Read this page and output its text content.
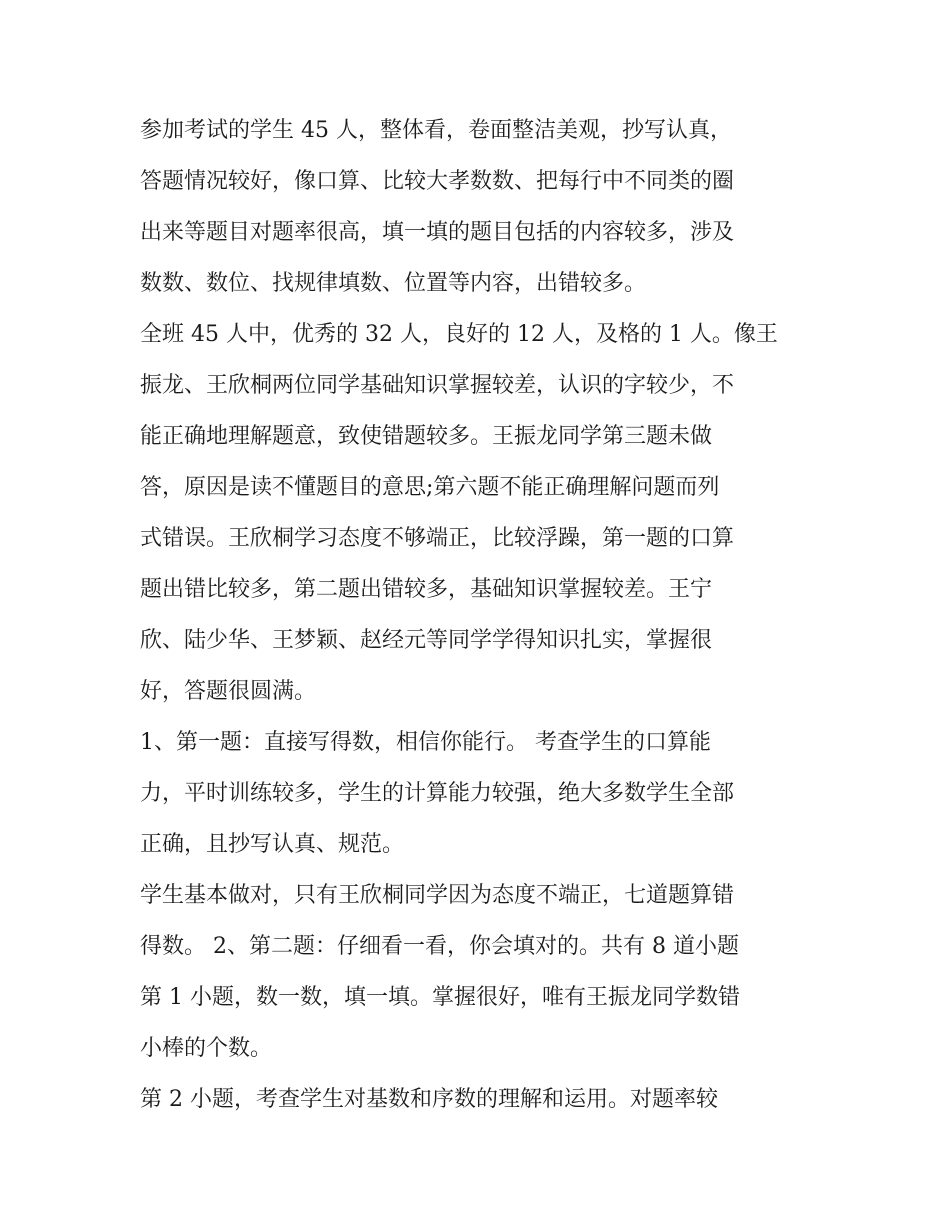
参加考试的学生 45 人，整体看，卷面整洁美观，抄写认真，
答题情况较好，像口算、比较大孝数数、把每行中不同类的圈
出来等题目对题率很高，填一填的题目包括的内容较多，涉及
数数、数位、找规律填数、位置等内容，出错较多。
全班 45 人中，优秀的 32 人，良好的 12 人，及格的 1 人。像王
振龙、王欣桐两位同学基础知识掌握较差，认识的字较少，不
能正确地理解题意，致使错题较多。王振龙同学第三题未做
答，原因是读不懂题目的意思;第六题不能正确理解问题而列
式错误。王欣桐学习态度不够端正，比较浮躁，第一题的口算
题出错比较多，第二题出错较多，基础知识掌握较差。王宁
欣、陆少华、王梦颖、赵经元等同学学得知识扎实，掌握很
好，答题很圆满。
1、第一题：直接写得数，相信你能行。 考查学生的口算能
力，平时训练较多，学生的计算能力较强，绝大多数学生全部
正确，且抄写认真、规范。
学生基本做对，只有王欣桐同学因为态度不端正，七道题算错
得数。 2、第二题：仔细看一看，你会填对的。共有 8 道小题
第 1 小题，数一数，填一填。掌握很好，唯有王振龙同学数错
小棒的个数。
第 2 小题，考查学生对基数和序数的理解和运用。对题率较
